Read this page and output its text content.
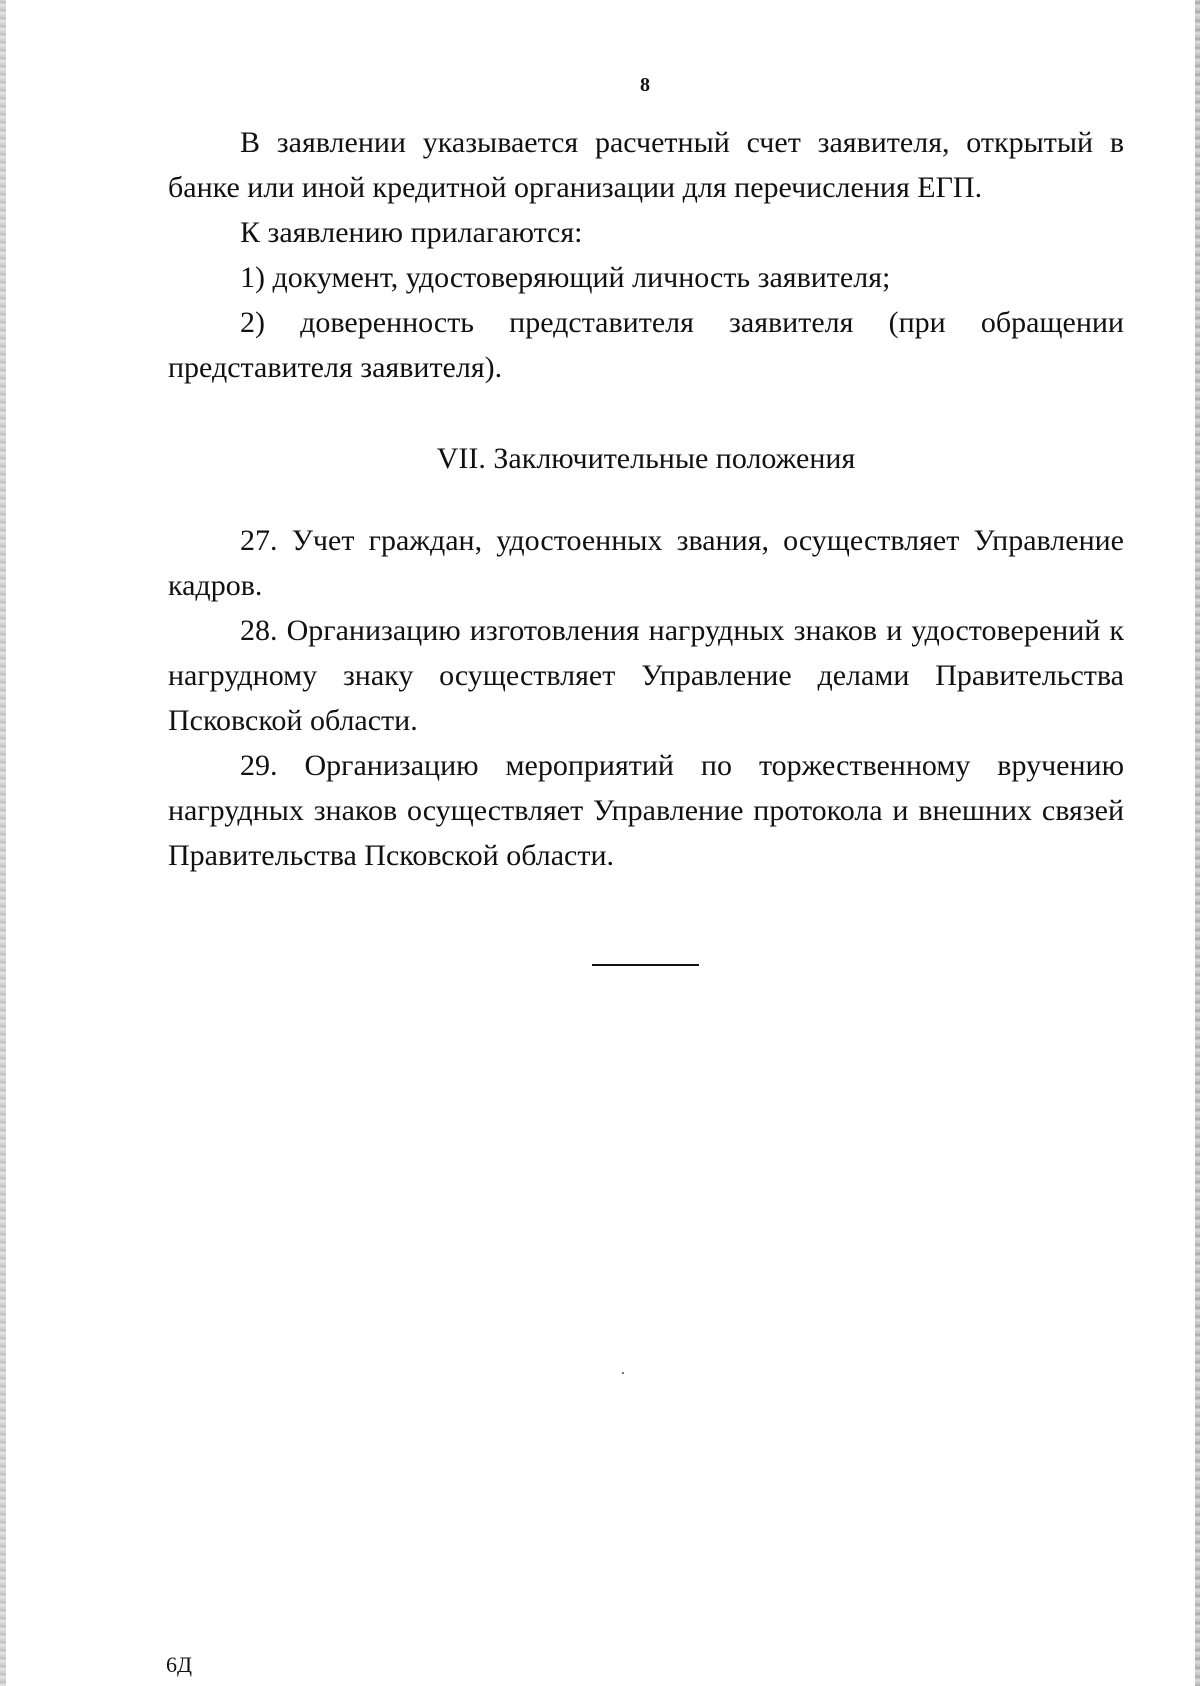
8

В заявлении указывается расчетный счет заявителя, открытый в банке или иной кредитной организации для перечисления ЕГП.

К заявлению прилагаются:

1) документ, удостоверяющий личность заявителя;

2) доверенность представителя заявителя (при обращении представителя заявителя).

VII. Заключительные положения

27. Учет граждан, удостоенных звания, осуществляет Управление кадров.

28. Организацию изготовления нагрудных знаков и удостоверений к нагрудному знаку осуществляет Управление делами Правительства Псковской области.

29. Организацию мероприятий по торжественному вручению нагрудных знаков осуществляет Управление протокола и внешних связей Правительства Псковской области.

6Д
